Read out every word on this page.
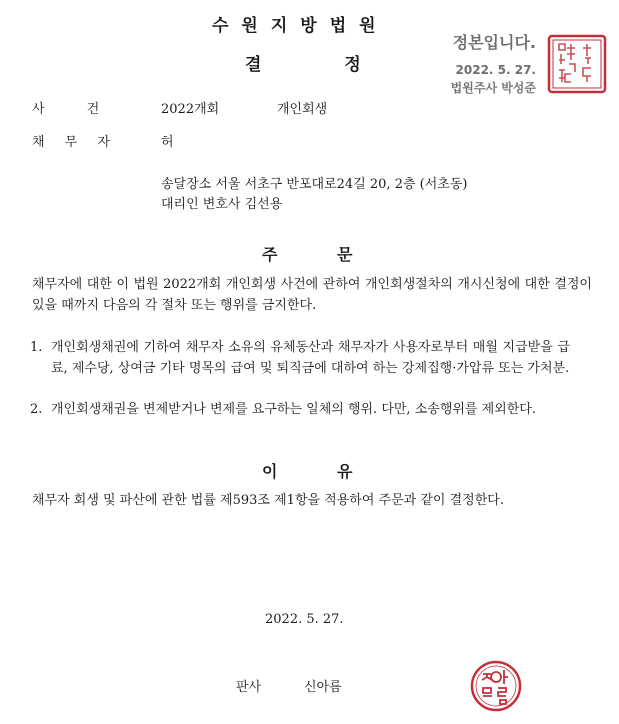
수원지방법원
결 정
정본입니다.
2022. 5. 27.
법원주사 박성준
사 건	2022개회	개인회생
채 무 자	허
송달장소 서울 서초구 반포대로24길 20, 2층 (서초동)
대리인 변호사 김선용
주 문
채무자에 대한 이 법원 2022개회 개인회생 사건에 관하여 개인회생절차의 개시신청에 대한 결정이 있을 때까지 다음의 각 절차 또는 행위를 금지한다.
1. 개인회생채권에 기하여 채무자 소유의 유체동산과 채무자가 사용자로부터 매월 지급받을 급료, 제수당, 상여금 기타 명목의 급여 및 퇴직금에 대하여 하는 강제집행·가압류 또는 가처분.
2. 개인회생채권을 변제받거나 변제를 요구하는 일체의 행위. 다만, 소송행위를 제외한다.
이 유
채무자 회생 및 파산에 관한 법률 제593조 제1항을 적용하여 주문과 같이 결정한다.
2022. 5. 27.
판사	신아름
